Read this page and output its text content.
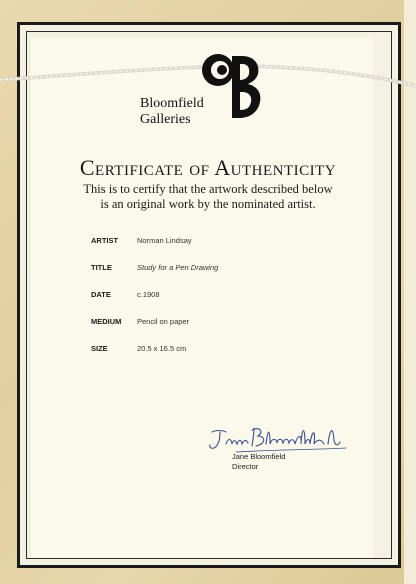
Bloomfield
Galleries
Certificate of Authenticity
This is to certify that the artwork described below
is an original work by the nominated artist.
ARTIST	Norman Lindsay
TITLE	Study for a Pen Drawing
DATE	c.1908
MEDIUM Pencil on paper
SIZE	20.5 x 16.5 cm
Jane Bloomfield
Director
